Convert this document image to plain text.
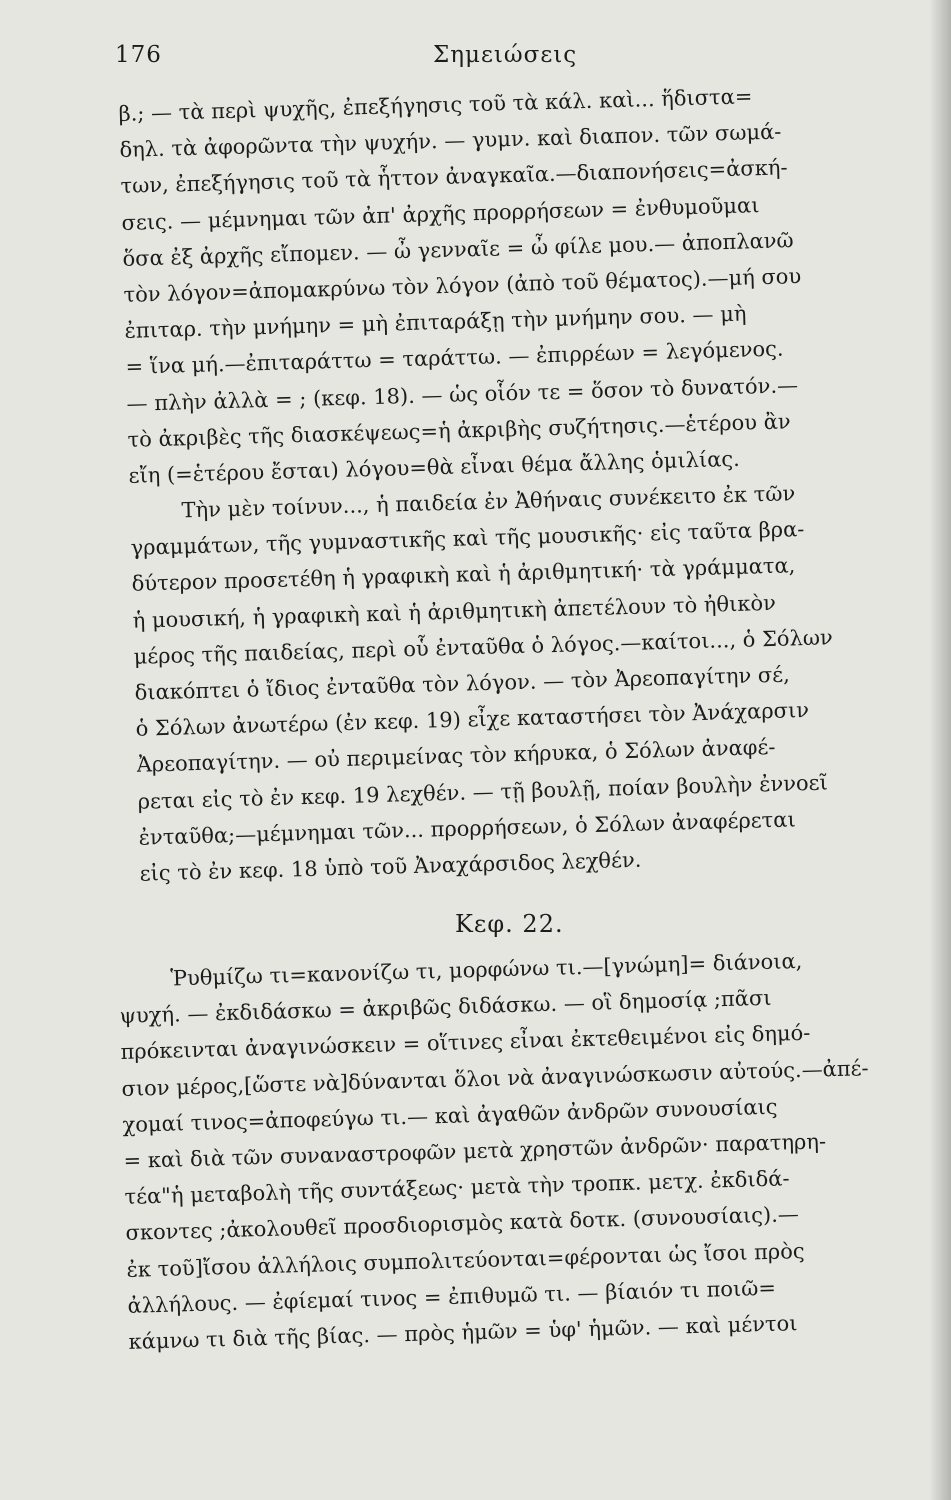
176	Σημειώσεις
β.; — τὰ περὶ ψυχῆς, ἐπεξήγησις τοῦ τὰ κάλ. καὶ... ἥδιστα=
δηλ. τὰ ἀφορῶντα τὴν ψυχήν. — γυμν. καὶ διαπον. τῶν σωμά-
των, ἐπεξήγησις τοῦ τὰ ἧττον ἀναγκαῖα.—διαπονήσεις=ἀσκή-
σεις. — μέμνημαι τῶν ἀπ' ἀρχῆς προρρήσεων = ἐνθυμοῦμαι
ὅσα ἐξ ἀρχῆς εἴπομεν. — ὦ γενναῖε = ὦ φίλε μου.— ἀποπλανῶ
τὸν λόγον=ἀπομακρύνω τὸν λόγον (ἀπὸ τοῦ θέματος).—μή σου
ἐπιταρ. τὴν μνήμην = μὴ ἐπιταράξῃ τὴν μνήμην σου. — μὴ
= ἵνα μή.—ἐπιταράττω = ταράττω. — ἐπιρρέων = λεγόμενος.
— πλὴν ἀλλὰ = ; (κεφ. 18). — ὡς οἷόν τε = ὅσον τὸ δυνατόν.—
τὸ ἀκριβὲς τῆς διασκέψεως=ἡ ἀκριβὴς συζήτησις.—ἑτέρου ἂν
εἴη (=ἑτέρου ἔσται) λόγου=θὰ εἶναι θέμα ἄλλης ὁμιλίας.
Τὴν μὲν τοίνυν..., ἡ παιδεία ἐν Ἀθήναις συνέκειτο ἐκ τῶν
γραμμάτων, τῆς γυμναστικῆς καὶ τῆς μουσικῆς· εἰς ταῦτα βρα-
δύτερον προσετέθη ἡ γραφικὴ καὶ ἡ ἀριθμητική· τὰ γράμματα,
ἡ μουσική, ἡ γραφικὴ καὶ ἡ ἀριθμητικὴ ἀπετέλουν τὸ ἠθικὸν
μέρος τῆς παιδείας, περὶ οὗ ἐνταῦθα ὁ λόγος.—καίτοι..., ὁ Σόλων
διακόπτει ὁ ἴδιος ἐνταῦθα τὸν λόγον. — τὸν Ἀρεοπαγίτην σέ,
ὁ Σόλων ἀνωτέρω (ἐν κεφ. 19) εἶχε καταστήσει τὸν Ἀνάχαρσιν
Ἀρεοπαγίτην. — οὐ περιμείνας τὸν κήρυκα, ὁ Σόλων ἀναφέ-
ρεται εἰς τὸ ἐν κεφ. 19 λεχθέν. — τῇ βουλῇ, ποίαν βουλὴν ἐννοεῖ
ἐνταῦθα;—μέμνημαι τῶν... προρρήσεων, ὁ Σόλων ἀναφέρεται
εἰς τὸ ἐν κεφ. 18 ὑπὸ τοῦ Ἀναχάρσιδος λεχθέν.
Κεφ. 22.
Ῥυθμίζω τι=κανονίζω τι, μορφώνω τι.—[γνώμη]= διάνοια,
ψυχή. — ἐκδιδάσκω = ἀκριβῶς διδάσκω. — οἳ δημοσίᾳ ;πᾶσι
πρόκεινται ἀναγινώσκειν = οἵτινες εἶναι ἐκτεθειμένοι εἰς δημό-
σιον μέρος,[ὥστε νὰ]δύνανται ὅλοι νὰ ἀναγινώσκωσιν αὐτούς.—ἀπέ-
χομαί τινος=ἀποφεύγω τι.— καὶ ἀγαθῶν ἀνδρῶν συνουσίαις
= καὶ διὰ τῶν συναναστροφῶν μετὰ χρηστῶν ἀνδρῶν· παρατηρη-
τέα"ἡ μεταβολὴ τῆς συντάξεως· μετὰ τὴν τροπκ. μετχ. ἐκδιδά-
σκοντες ;ἀκολουθεῖ προσδιορισμὸς κατὰ δοτκ. (συνουσίαις).—
ἐκ τοῦ]ἴσου ἀλλήλοις συμπολιτεύονται=φέρονται ὡς ἴσοι πρὸς
ἀλλήλους. — ἐφίεμαί τινος = ἐπιθυμῶ τι. — βίαιόν τι ποιῶ=
κάμνω τι διὰ τῆς βίας. — πρὸς ἡμῶν = ὑφ' ἡμῶν. — καὶ μέντοι
